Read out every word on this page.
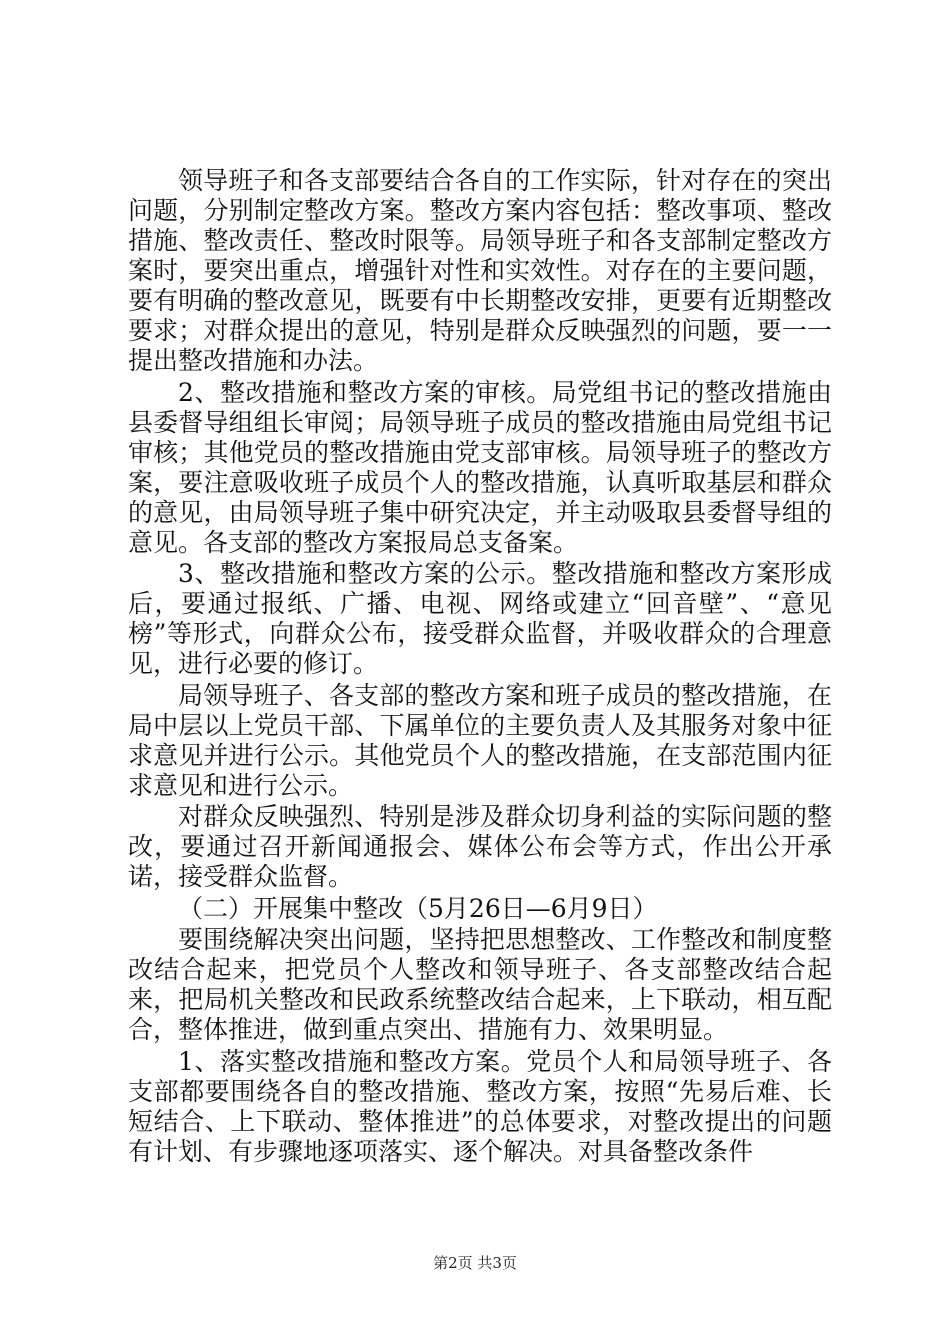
领导班子和各支部要结合各自的工作实际，针对存在的突出问题，分别制定整改方案。整改方案内容包括：整改事项、整改措施、整改责任、整改时限等。局领导班子和各支部制定整改方案时，要突出重点，增强针对性和实效性。对存在的主要问题，要有明确的整改意见，既要有中长期整改安排，更要有近期整改要求；对群众提出的意见，特别是群众反映强烈的问题，要一一提出整改措施和办法。

2、整改措施和整改方案的审核。局党组书记的整改措施由县委督导组组长审阅；局领导班子成员的整改措施由局党组书记审核；其他党员的整改措施由党支部审核。局领导班子的整改方案，要注意吸收班子成员个人的整改措施，认真听取基层和群众的意见，由局领导班子集中研究决定，并主动吸取县委督导组的意见。各支部的整改方案报局总支备案。

3、整改措施和整改方案的公示。整改措施和整改方案形成后，要通过报纸、广播、电视、网络或建立“回音壁”、“意见榜”等形式，向群众公布，接受群众监督，并吸收群众的合理意见，进行必要的修订。

局领导班子、各支部的整改方案和班子成员的整改措施，在局中层以上党员干部、下属单位的主要负责人及其服务对象中征求意见并进行公示。其他党员个人的整改措施，在支部范围内征求意见和进行公示。

对群众反映强烈、特别是涉及群众切身利益的实际问题的整改，要通过召开新闻通报会、媒体公布会等方式，作出公开承诺，接受群众监督。

（二）开展集中整改（5月26日—6月9日）

要围绕解决突出问题，坚持把思想整改、工作整改和制度整改结合起来，把党员个人整改和领导班子、各支部整改结合起来，把局机关整改和民政系统整改结合起来，上下联动，相互配合，整体推进，做到重点突出、措施有力、效果明显。

1、落实整改措施和整改方案。党员个人和局领导班子、各支部都要围绕各自的整改措施、整改方案，按照“先易后难、长短结合、上下联动、整体推进”的总体要求，对整改提出的问题有计划、有步骤地逐项落实、逐个解决。对具备整改条件

第2页 共3页
